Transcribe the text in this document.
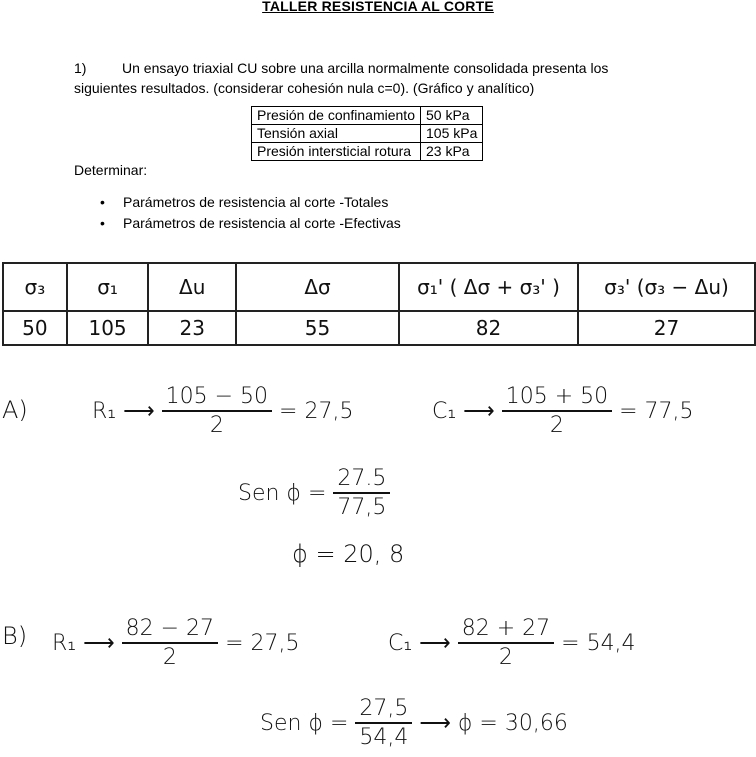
TALLER RESISTENCIA AL CORTE
1)	Un ensayo triaxial CU sobre una arcilla normalmente consolidada presenta los
siguientes resultados. (considerar cohesión nula c=0). (Gráfico y analítico)
Presión de confinamiento	50 kPa
Tensión axial	105 kPa
Presión intersticial rotura	23 kPa
Determinar:
• Parámetros de resistencia al corte -Totales
• Parámetros de resistencia al corte -Efectivas
σ₃	σ₁	Δu	Δσ	σ₁' ( Δσ + σ₃' )	σ₃' (σ₃ − Δu)
50	105	23	55	82	27
A)	R₁ ⟶ $\frac{105 - 50}{2} = 27,5$	C₁ ⟶ $\frac{105 + 50}{2} = 77,5$
Sen $\phi = \frac{27.5}{77,5}$
ϕ = 20, 8
B) R₁ ⟶ $\frac{82 - 27}{2} = 27,5$	C₁ ⟶ $\frac{82 + 27}{2} = 54,4$
Sen $\phi = \frac{27,5}{54,4}$ ⟶ ϕ = 30,66
